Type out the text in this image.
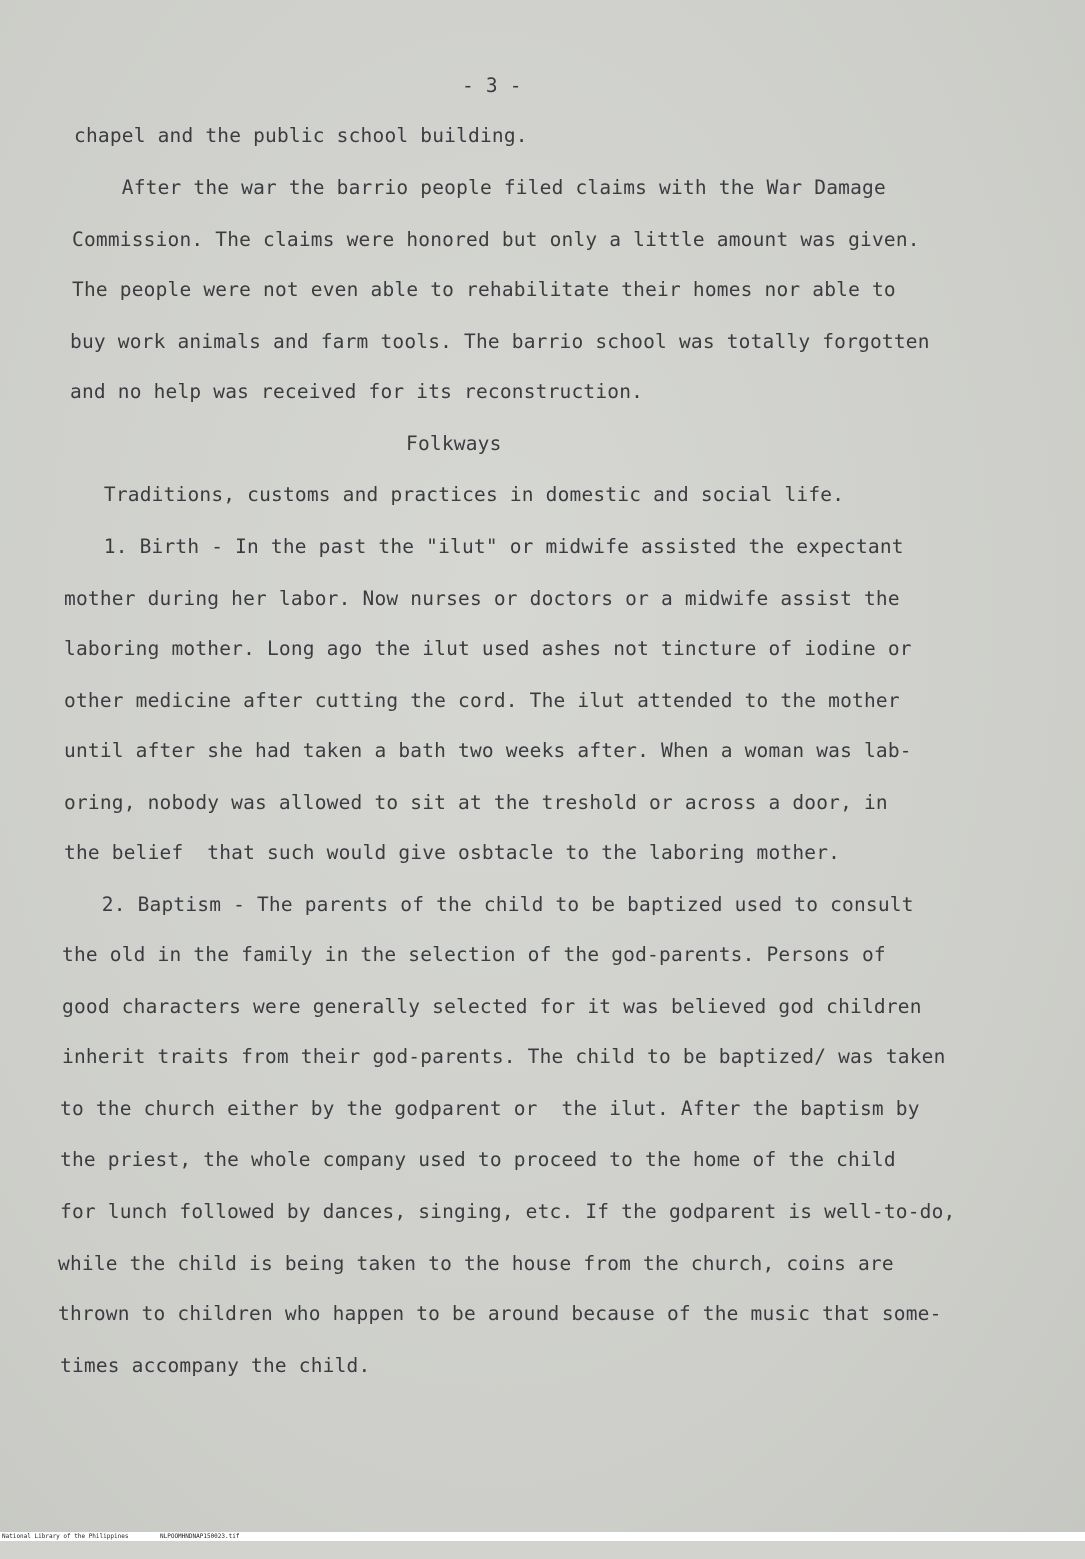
- 3 -
chapel and the public school building.
After the war the barrio people filed claims with the War Damage
Commission. The claims were honored but only a little amount was given.
The people were not even able to rehabilitate their homes nor able to
buy work animals and farm tools. The barrio school was totally forgotten
and no help was received for its reconstruction.
Folkways
Traditions, customs and practices in domestic and social life.
1. Birth - In the past the "ilut" or midwife assisted the expectant
mother during her labor. Now nurses or doctors or a midwife assist the
laboring mother. Long ago the ilut used ashes not tincture of iodine or
other medicine after cutting the cord. The ilut attended to the mother
until after she had taken a bath two weeks after. When a woman was lab-
oring, nobody was allowed to sit at the treshold or across a door, in
the belief  that such would give osbtacle to the laboring mother.
2. Baptism - The parents of the child to be baptized used to consult
the old in the family in the selection of the god-parents. Persons of
good characters were generally selected for it was believed god children
inherit traits from their god-parents. The child to be baptized/ was taken
to the church either by the godparent or  the ilut. After the baptism by
the priest, the whole company used to proceed to the home of the child
for lunch followed by dances, singing, etc. If the godparent is well-to-do,
while the child is being taken to the house from the church, coins are
thrown to children who happen to be around because of the music that some-
times accompany the child.

National Library of the Philippines

	NLPOOMHNDNAP150023.tif
